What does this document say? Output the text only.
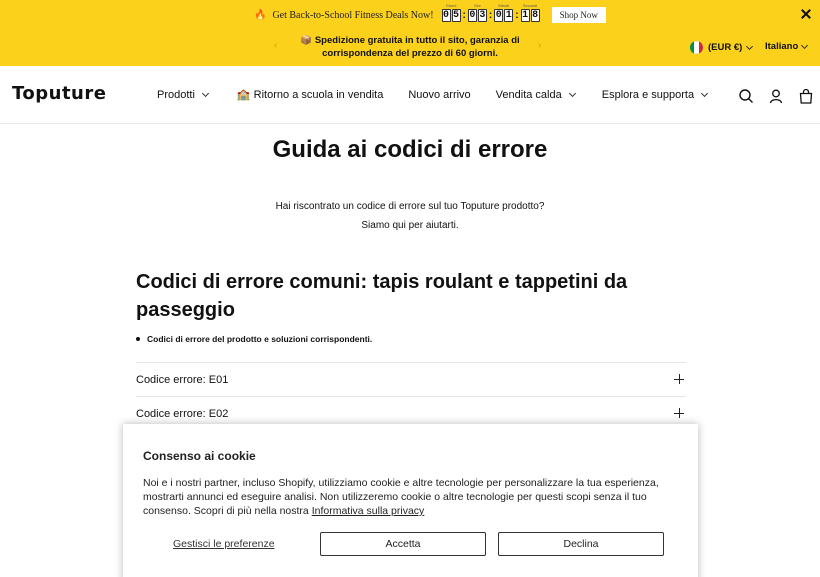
🔥 Get Back-to-School Fitness Deals Now!
Giorni
0 5 :
Ore
0 3 :
Minuti
0 1 :
Secondi
1 8	Shop Now
‹	📦 Spedizione gratuita in tutto il sito, garanzia di corrispondenza del prezzo di 60 giorni.
›	(EUR €) Italiano
Toputure	Prodotti	🏫 Ritorno a scuola in vendita Nuovo arrivo Vendita calda	Esplora e supporta
Guida ai codici di errore
Hai riscontrato un codice di errore sul tuo Toputure prodotto?
Siamo qui per aiutarti.
Codici di errore comuni: tapis roulant e tappetini da passeggio
Codici di errore del prodotto e soluzioni corrispondenti.
Codice errore: E01
Codice errore: E02
Consenso ai cookie
Noi e i nostri partner, incluso Shopify, utilizziamo cookie e altre tecnologie per personalizzare la tua esperienza, mostrarti annunci ed eseguire analisi. Non utilizzeremo cookie o altre tecnologie per questi scopi senza il tuo consenso. Scopri di più nella nostra Informativa sulla privacy
Gestisci le preferenze	Accetta	Declina
